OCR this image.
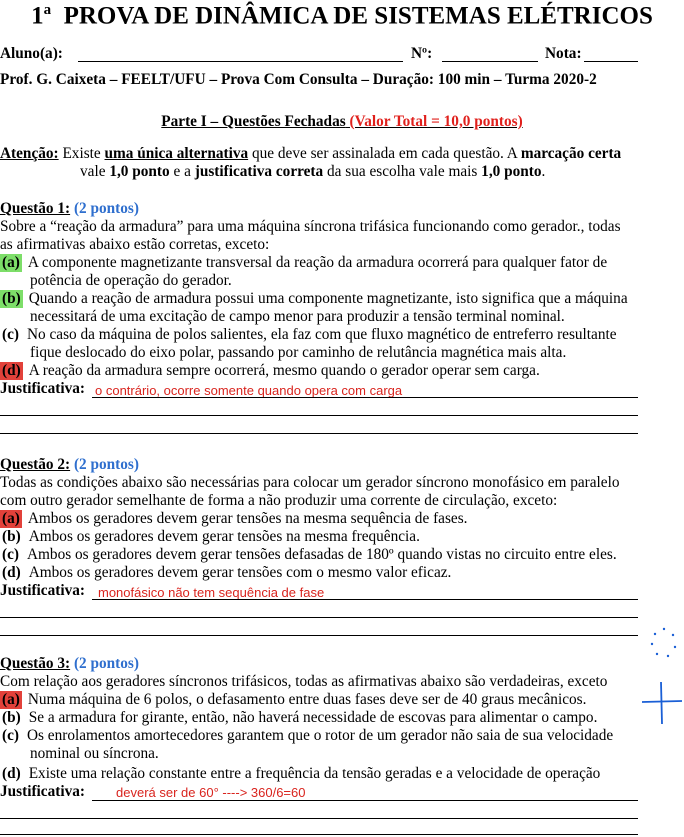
1$^a$ PROVA DE DINÂMICA DE SISTEMAS ELÉTRICOS
Aluno(a):	Nº:	Nota:
Prof. G. Caixeta – FEELT/UFU – Prova Com Consulta – Duração: 100 min – Turma 2020-2
Parte I – Questões Fechadas (Valor Total = 10,0 pontos)
Atenção: Existe uma única alternativa que deve ser assinalada em cada questão. A marcação certa
vale 1,0 ponto e a justificativa correta da sua escolha vale mais 1,0 ponto.
Questão 1: (2 pontos)
Sobre a “reação da armadura” para uma máquina síncrona trifásica funcionando como gerador., todas
as afirmativas abaixo estão corretas, exceto:
(a) A componente magnetizante transversal da reação da armadura ocorrerá para qualquer fator de
potência de operação do gerador.
(b) Quando a reação de armadura possui uma componente magnetizante, isto significa que a máquina
necessitará de uma excitação de campo menor para produzir a tensão terminal nominal.
(c) No caso da máquina de polos salientes, ela faz com que fluxo magnético de entreferro resultante
fique deslocado do eixo polar, passando por caminho de relutância magnética mais alta.
(d) A reação da armadura sempre ocorrerá, mesmo quando o gerador operar sem carga.
Justificativa: o contrário, ocorre somente quando opera com carga
Questão 2: (2 pontos)
Todas as condições abaixo são necessárias para colocar um gerador síncrono monofásico em paralelo
com outro gerador semelhante de forma a não produzir uma corrente de circulação, exceto:
(a) Ambos os geradores devem gerar tensões na mesma sequência de fases.
(b) Ambos os geradores devem gerar tensões na mesma frequência.
(c) Ambos os geradores devem gerar tensões defasadas de 180º quando vistas no circuito entre eles.
(d) Ambos os geradores devem gerar tensões com o mesmo valor eficaz.
Justificativa: monofásico não tem sequência de fase
Questão 3: (2 pontos)
Com relação aos geradores síncronos trifásicos, todas as afirmativas abaixo são verdadeiras, exceto
(a) Numa máquina de 6 polos, o defasamento entre duas fases deve ser de 40 graus mecânicos.
(b) Se a armadura for girante, então, não haverá necessidade de escovas para alimentar o campo.
(c) Os enrolamentos amortecedores garantem que o rotor de um gerador não saia de sua velocidade
nominal ou síncrona.
(d) Existe uma relação constante entre a frequência da tensão geradas e a velocidade de operação
Justificativa: deverá ser de 60° ----> 360/6=60
